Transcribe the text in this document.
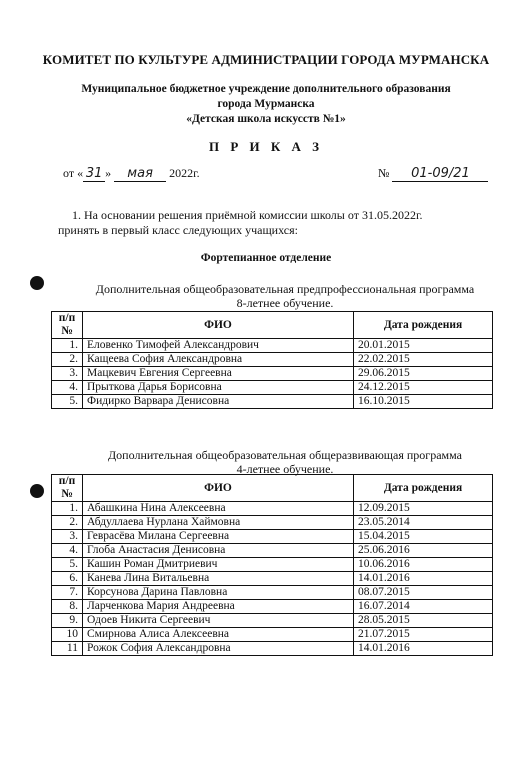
КОМИТЕТ ПО КУЛЬТУРЕ АДМИНИСТРАЦИИ ГОРОДА МУРМАНСКА
Муниципальное бюджетное учреждение дополнительного образования
города Мурманска
«Детская школа искусств №1»
П Р И К А З
от « 31 » мая 2022г.	№ 01-09/21
1. На основании решения приёмной комиссии школы от 31.05.2022г.
принять в первый класс следующих учащихся:
Фортепианное отделение
Дополнительная общеобразовательная предпрофессиональная программа
8-летнее обучение.
п/п №	ФИО	Дата рождения
1.	Еловенко Тимофей Александрович	20.01.2015
2.	Кащеева София Александровна	22.02.2015
3.	Мацкевич Евгения Сергеевна	29.06.2015
4.	Прыткова Дарья Борисовна	24.12.2015
5.	Фидирко Варвара Денисовна	16.10.2015
Дополнительная общеобразовательная общеразвивающая программа
4-летнее обучение.
п/п №	ФИО	Дата рождения
1.	Абашкина Нина Алексеевна	12.09.2015
2.	Абдуллаева Нурлана Хаймовна	23.05.2014
3.	Геврасёва Милана Сергеевна	15.04.2015
4.	Глоба Анастасия Денисовна	25.06.2016
5.	Кашин Роман Дмитриевич	10.06.2016
6.	Канева Лина Витальевна	14.01.2016
7.	Корсунова Дарина Павловна	08.07.2015
8.	Ларченкова Мария Андреевна	16.07.2014
9.	Одоев Никита Сергеевич	28.05.2015
10	Смирнова Алиса Алексеевна	21.07.2015
11	Рожок София Александровна	14.01.2016
